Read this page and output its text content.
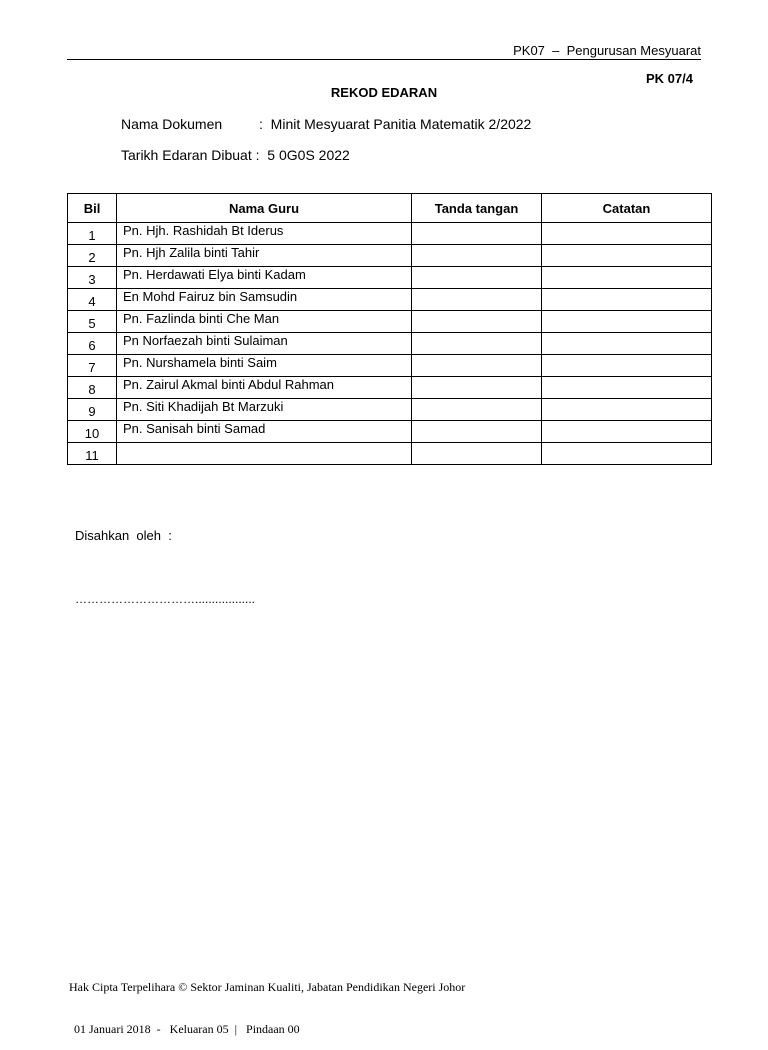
PK07  –  Pengurusan Mesyuarat
PK 07/4
REKOD EDARAN
Nama Dokumen	:  Minit Mesyuarat Panitia Matematik 2/2022
Tarikh Edaran Dibuat :  5 0G0S 2022
Bil	Nama Guru	Tanda tangan	Catatan
1	Pn. Hjh. Rashidah Bt Iderus		
2	Pn. Hjh Zalila binti Tahir		
3	Pn. Herdawati Elya binti Kadam		
4	En Mohd Fairuz bin Samsudin		
5	Pn. Fazlinda binti Che Man		
6	Pn Norfaezah binti Sulaiman		
7	Pn. Nurshamela binti Saim		
8	Pn. Zairul Akmal binti Abdul Rahman		
9	Pn. Siti Khadijah Bt Marzuki		
10	Pn. Sanisah binti Samad		
11			
Disahkan  oleh  :
…………………………..................

Hak Cipta Terpelihara © Sektor Jaminan Kualiti, Jabatan Pendidikan Negeri Johor

01 Januari 2018  -   Keluaran 05  |   Pindaan 00
